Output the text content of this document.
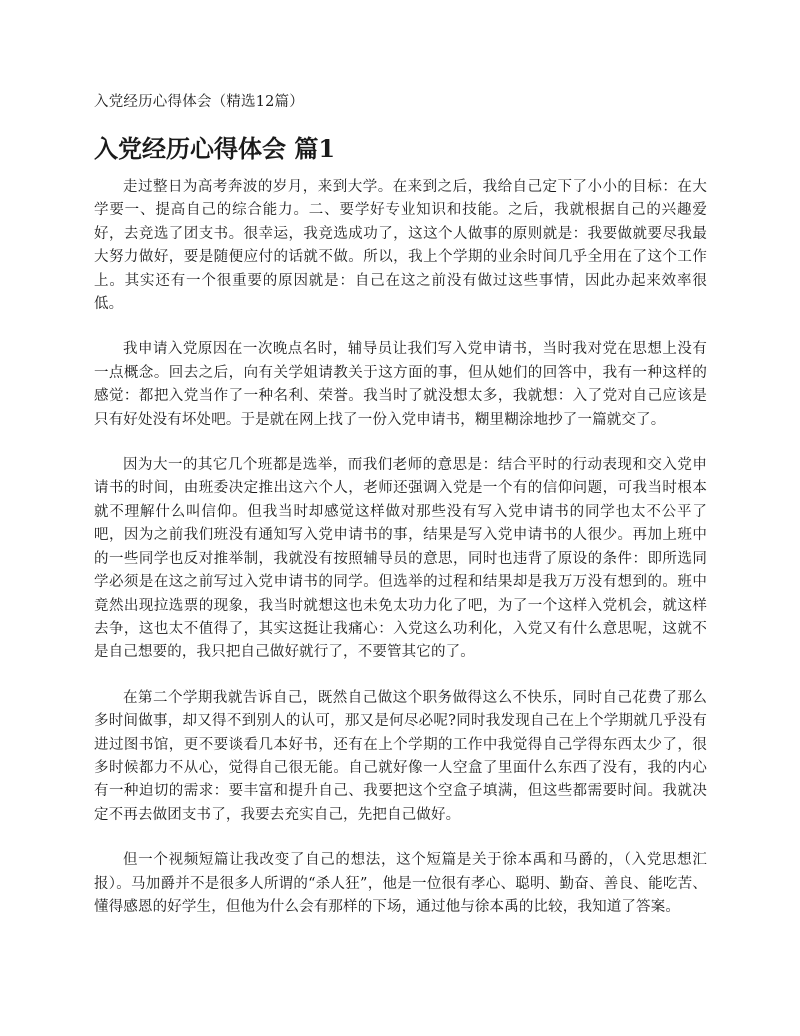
入党经历心得体会（精选12篇）
入党经历心得体会 篇1

走过整日为高考奔波的岁月，来到大学。在来到之后，我给自己定下了小小的目标：在大学要一、提高自己的综合能力。二、要学好专业知识和技能。之后，我就根据自己的兴趣爱好，去竞选了团支书。很幸运，我竞选成功了，这这个人做事的原则就是：我要做就要尽我最大努力做好，要是随便应付的话就不做。所以，我上个学期的业余时间几乎全用在了这个工作上。其实还有一个很重要的原因就是：自己在这之前没有做过这些事情，因此办起来效率很低。

我申请入党原因在一次晚点名时，辅导员让我们写入党申请书，当时我对党在思想上没有一点概念。回去之后，向有关学姐请教关于这方面的事，但从她们的回答中，我有一种这样的感觉：都把入党当作了一种名利、荣誉。我当时了就没想太多，我就想：入了党对自己应该是只有好处没有坏处吧。于是就在网上找了一份入党申请书，糊里糊涂地抄了一篇就交了。

因为大一的其它几个班都是选举，而我们老师的意思是：结合平时的行动表现和交入党申请书的时间，由班委决定推出这六个人，老师还强调入党是一个有的信仰问题，可我当时根本就不理解什么叫信仰。但我当时却感觉这样做对那些没有写入党申请书的同学也太不公平了吧，因为之前我们班没有通知写入党申请书的事，结果是写入党申请书的人很少。再加上班中的一些同学也反对推举制，我就没有按照辅导员的意思，同时也违背了原设的条件：即所选同学必须是在这之前写过入党申请书的同学。但选举的过程和结果却是我万万没有想到的。班中竟然出现拉选票的现象，我当时就想这也未免太功力化了吧，为了一个这样入党机会，就这样去争，这也太不值得了，其实这挺让我痛心：入党这么功利化，入党又有什么意思呢，这就不是自己想要的，我只把自己做好就行了，不要管其它的了。

在第二个学期我就告诉自己，既然自己做这个职务做得这么不快乐，同时自己花费了那么多时间做事，却又得不到别人的认可，那又是何尽必呢?同时我发现自己在上个学期就几乎没有进过图书馆，更不要谈看几本好书，还有在上个学期的工作中我觉得自己学得东西太少了，很多时候都力不从心，觉得自己很无能。自己就好像一人空盒了里面什么东西了没有，我的内心有一种迫切的需求：要丰富和提升自己、我要把这个空盒子填满，但这些都需要时间。我就决定不再去做团支书了，我要去充实自己，先把自己做好。

但一个视频短篇让我改变了自己的想法，这个短篇是关于徐本禹和马爵的，（入党思想汇报）。马加爵并不是很多人所谓的“杀人狂”，他是一位很有孝心、聪明、勤奋、善良、能吃苦、懂得感恩的好学生，但他为什么会有那样的下场，通过他与徐本禹的比较，我知道了答案。
